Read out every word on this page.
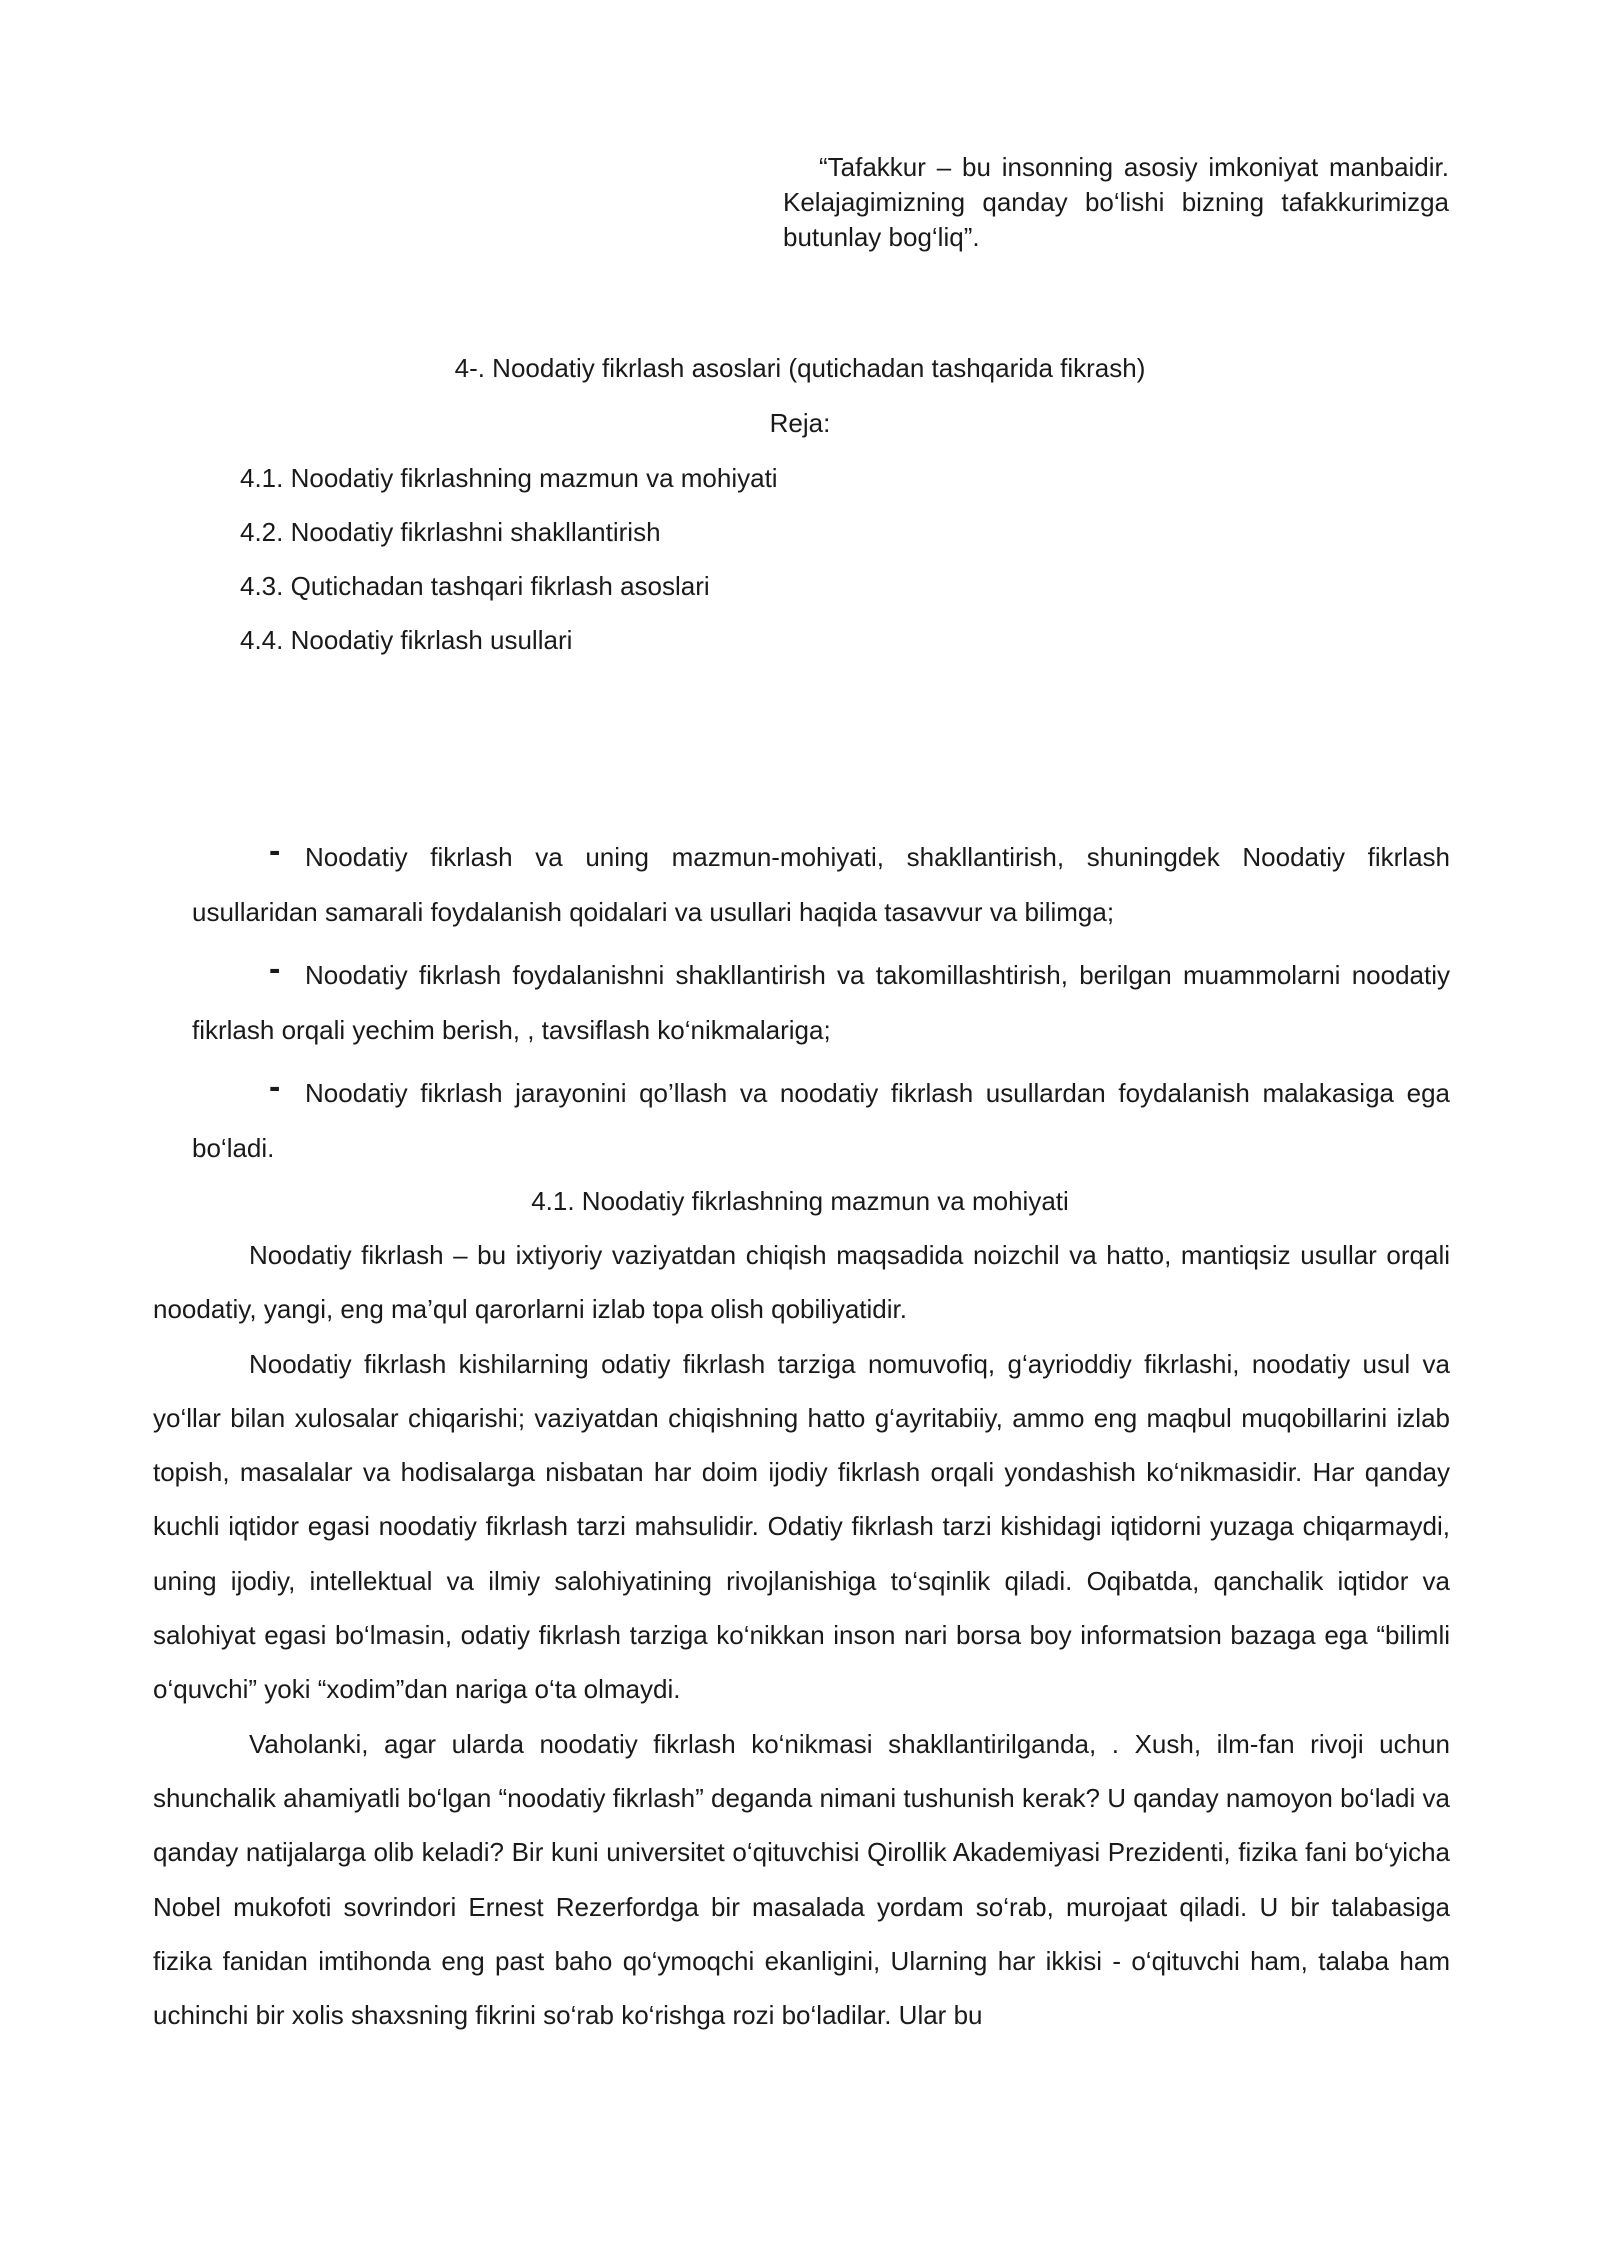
“Tafakkur – bu insonning asosiy imkoniyat manbaidir. Kelajagimizning qanday bo‘lishi bizning tafakkurimizga butunlay bog‘liq”.
4-. Noodatiy fikrlash asoslari (qutichadan tashqarida fikrash)
Reja:
4.1. Noodatiy fikrlashning mazmun va mohiyati
4.2. Noodatiy fikrlashni shakllantirish
4.3. Qutichadan tashqari fikrlash asoslari
4.4. Noodatiy fikrlash usullari

- Noodatiy fikrlash va uning mazmun-mohiyati, shakllantirish, shuningdek Noodatiy fikrlash usullaridan samarali foydalanish qoidalari va usullari haqida tasavvur va bilimga;

- Noodatiy fikrlash foydalanishni shakllantirish va takomillashtirish, berilgan muammolarni noodatiy fikrlash orqali yechim berish, , tavsiflash ko‘nikmalariga;

- Noodatiy fikrlash jarayonini qo’llash va noodatiy fikrlash usullardan foydalanish malakasiga ega bo‘ladi.

4.1. Noodatiy fikrlashning mazmun va mohiyati

Noodatiy fikrlash – bu ixtiyoriy vaziyatdan chiqish maqsadida noizchil va hatto, mantiqsiz usullar orqali noodatiy, yangi, eng ma’qul qarorlarni izlab topa olish qobiliyatidir.

Noodatiy fikrlash kishilarning odatiy fikrlash tarziga nomuvofiq, g‘ayrioddiy fikrlashi, noodatiy usul va yo‘llar bilan xulosalar chiqarishi; vaziyatdan chiqishning hatto g‘ayritabiiy, ammo eng maqbul muqobillarini izlab topish, masalalar va hodisalarga nisbatan har doim ijodiy fikrlash orqali yondashish ko‘nikmasidir. Har qanday kuchli iqtidor egasi noodatiy fikrlash tarzi mahsulidir. Odatiy fikrlash tarzi kishidagi iqtidorni yuzaga chiqarmaydi, uning ijodiy, intellektual va ilmiy salohiyatining rivojlanishiga to‘sqinlik qiladi. Oqibatda, qanchalik iqtidor va salohiyat egasi bo‘lmasin, odatiy fikrlash tarziga ko‘nikkan inson nari borsa boy informatsion bazaga ega “bilimli o‘quvchi” yoki “xodim”dan nariga o‘ta olmaydi.

Vaholanki, agar ularda noodatiy fikrlash ko‘nikmasi shakllantirilganda, . Xush, ilm-fan rivoji uchun shunchalik ahamiyatli bo‘lgan “noodatiy fikrlash” deganda nimani tushunish kerak? U qanday namoyon bo‘ladi va qanday natijalarga olib keladi? Bir kuni universitet o‘qituvchisi Qirollik Akademiyasi Prezidenti, fizika fani bo‘yicha Nobel mukofoti sovrindori Ernest Rezerfordga bir masalada yordam so‘rab, murojaat qiladi. U bir talabasiga fizika fanidan imtihonda eng past baho qo‘ymoqchi ekanligini, Ularning har ikkisi - o‘qituvchi ham, talaba ham uchinchi bir xolis shaxsning fikrini so‘rab ko‘rishga rozi bo‘ladilar. Ular bu
